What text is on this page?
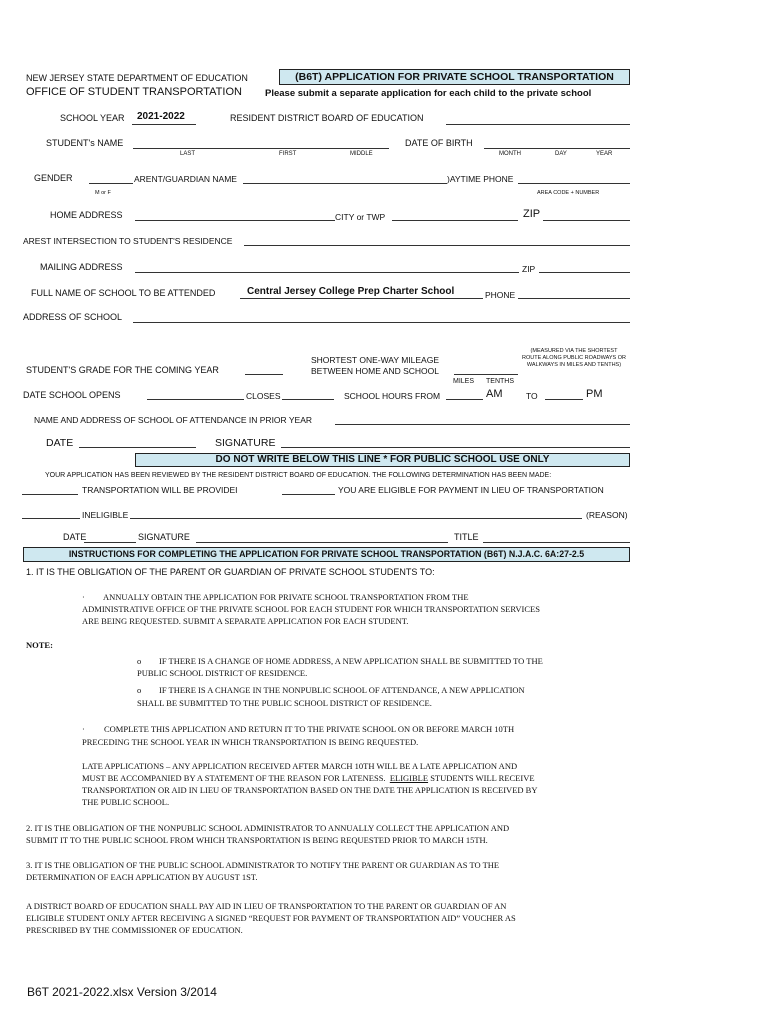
NEW JERSEY STATE DEPARTMENT OF EDUCATION
OFFICE OF STUDENT TRANSPORTATION
(B6T) APPLICATION FOR PRIVATE SCHOOL TRANSPORTATION
Please submit a separate application for each child to the private school
SCHOOL YEAR 2021-2022	RESIDENT DISTRICT BOARD OF EDUCATION
STUDENT's NAME
LAST	FIRST	MIDDLE
DATE OF BIRTH
MONTH	DAY	YEAR
GENDER
M or F
ARENT/GUARDIAN NAME	)AYTIME PHONE
AREA CODE + NUMBER
HOME ADDRESS	CITY or TWP	ZIP
AREST INTERSECTION TO STUDENT'S RESIDENCE
MAILING ADDRESS	ZIP
FULL NAME OF SCHOOL TO BE ATTENDED	Central Jersey College Prep Charter School	PHONE
ADDRESS OF SCHOOL
(MEASURED VIA THE SHORTEST ROUTE ALONG PUBLIC ROADWAYS OR WALKWAYS IN MILES AND TENTHS)
SHORTEST ONE-WAY MILEAGE
BETWEEN HOME AND SCHOOL
STUDENT'S GRADE FOR THE COMING YEAR
MILES TENTHS
DATE SCHOOL OPENS	CLOSES	SCHOOL HOURS FROM	AM	TO	PM
NAME AND ADDRESS OF SCHOOL OF ATTENDANCE IN PRIOR YEAR
DATE	SIGNATURE
DO NOT WRITE BELOW THIS LINE * FOR PUBLIC SCHOOL USE ONLY
YOUR APPLICATION HAS BEEN REVIEWED BY THE RESIDENT DISTRICT BOARD OF EDUCATION. THE FOLLOWING DETERMINATION HAS BEEN MADE:
TRANSPORTATION WILL BE PROVIDEI	YOU ARE ELIGIBLE FOR PAYMENT IN LIEU OF TRANSPORTATION
INELIGIBLE	(REASON)
DATE	SIGNATURE	TITLE
INSTRUCTIONS FOR COMPLETING THE APPLICATION FOR PRIVATE SCHOOL TRANSPORTATION (B6T) N.J.A.C. 6A:27-2.5
1. IT IS THE OBLIGATION OF THE PARENT OR GUARDIAN OF PRIVATE SCHOOL STUDENTS TO:
· ANNUALLY OBTAIN THE APPLICATION FOR PRIVATE SCHOOL TRANSPORTATION FROM THE
ADMINISTRATIVE OFFICE OF THE PRIVATE SCHOOL FOR EACH STUDENT FOR WHICH TRANSPORTATION SERVICES
ARE BEING REQUESTED. SUBMIT A SEPARATE APPLICATION FOR EACH STUDENT.
NOTE:
o IF THERE IS A CHANGE OF HOME ADDRESS, A NEW APPLICATION SHALL BE SUBMITTED TO THE
PUBLIC SCHOOL DISTRICT OF RESIDENCE.
o IF THERE IS A CHANGE IN THE NONPUBLIC SCHOOL OF ATTENDANCE, A NEW APPLICATION
SHALL BE SUBMITTED TO THE PUBLIC SCHOOL DISTRICT OF RESIDENCE.
· COMPLETE THIS APPLICATION AND RETURN IT TO THE PRIVATE SCHOOL ON OR BEFORE MARCH 10TH
PRECEDING THE SCHOOL YEAR IN WHICH TRANSPORTATION IS BEING REQUESTED.
LATE APPLICATIONS – ANY APPLICATION RECEIVED AFTER MARCH 10TH WILL BE A LATE APPLICATION AND
MUST BE ACCOMPANIED BY A STATEMENT OF THE REASON FOR LATENESS.  ELIGIBLE STUDENTS WILL RECEIVE
TRANSPORTATION OR AID IN LIEU OF TRANSPORTATION BASED ON THE DATE THE APPLICATION IS RECEIVED BY
THE PUBLIC SCHOOL.
2. IT IS THE OBLIGATION OF THE NONPUBLIC SCHOOL ADMINISTRATOR TO ANNUALLY COLLECT THE APPLICATION AND
SUBMIT IT TO THE PUBLIC SCHOOL FROM WHICH TRANSPORTATION IS BEING REQUESTED PRIOR TO MARCH 15TH.
3. IT IS THE OBLIGATION OF THE PUBLIC SCHOOL ADMINISTRATOR TO NOTIFY THE PARENT OR GUARDIAN AS TO THE
DETERMINATION OF EACH APPLICATION BY AUGUST 1ST.
A DISTRICT BOARD OF EDUCATION SHALL PAY AID IN LIEU OF TRANSPORTATION TO THE PARENT OR GUARDIAN OF AN
ELIGIBLE STUDENT ONLY AFTER RECEIVING A SIGNED “REQUEST FOR PAYMENT OF TRANSPORTATION AID” VOUCHER AS
PRESCRIBED BY THE COMMISSIONER OF EDUCATION.
B6T 2021-2022.xlsx Version 3/2014
